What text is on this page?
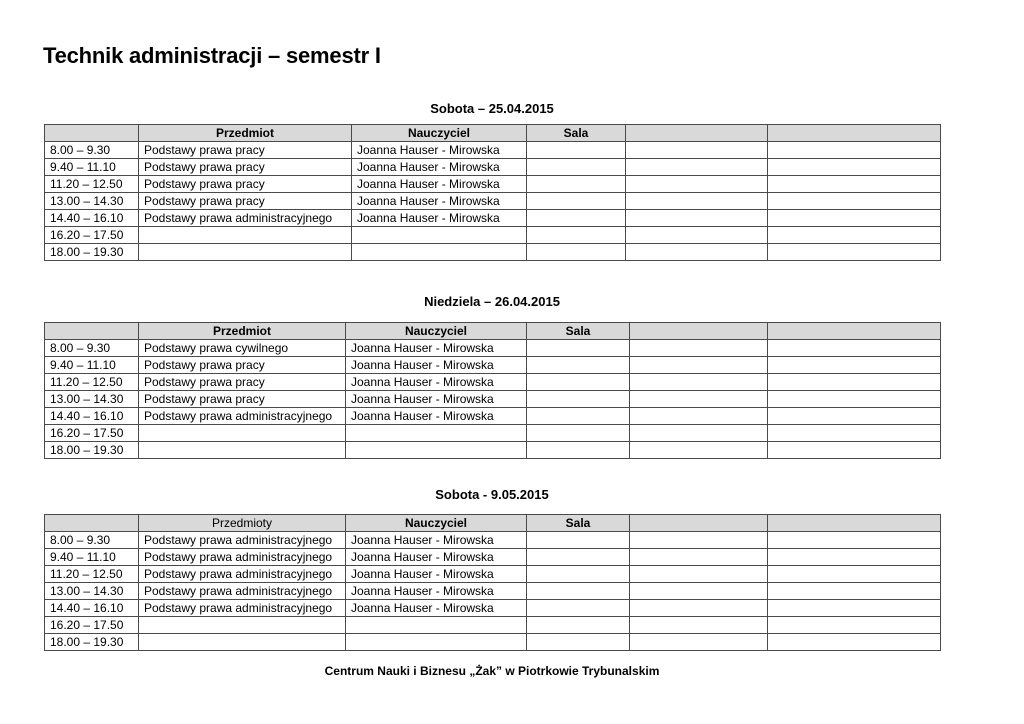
Technik administracji – semestr I
Sobota – 25.04.2015
	Przedmiot	Nauczyciel	Sala			
8.00 – 9.30	Podstawy prawa pracy	Joanna Hauser - Mirowska				
9.40 – 11.10	Podstawy prawa pracy	Joanna Hauser - Mirowska				
11.20 – 12.50	Podstawy prawa pracy	Joanna Hauser - Mirowska				
13.00 – 14.30	Podstawy prawa pracy	Joanna Hauser - Mirowska				
14.40 – 16.10	Podstawy prawa administracyjnego	Joanna Hauser - Mirowska				
16.20 – 17.50						
18.00 – 19.30						
Niedziela – 26.04.2015
	Przedmiot	Nauczyciel	Sala			
8.00 – 9.30	Podstawy prawa cywilnego	Joanna Hauser - Mirowska				
9.40 – 11.10	Podstawy prawa pracy	Joanna Hauser - Mirowska				
11.20 – 12.50	Podstawy prawa pracy	Joanna Hauser - Mirowska				
13.00 – 14.30	Podstawy prawa pracy	Joanna Hauser - Mirowska				
14.40 – 16.10	Podstawy prawa administracyjnego	Joanna Hauser - Mirowska				
16.20 – 17.50						
18.00 – 19.30						
Sobota - 9.05.2015
	Przedmioty	Nauczyciel	Sala			
8.00 – 9.30	Podstawy prawa administracyjnego	Joanna Hauser - Mirowska				
9.40 – 11.10	Podstawy prawa administracyjnego	Joanna Hauser - Mirowska				
11.20 – 12.50	Podstawy prawa administracyjnego	Joanna Hauser - Mirowska				
13.00 – 14.30	Podstawy prawa administracyjnego	Joanna Hauser - Mirowska				
14.40 – 16.10	Podstawy prawa administracyjnego	Joanna Hauser - Mirowska				
16.20 – 17.50						
18.00 – 19.30						
Centrum Nauki i Biznesu „Żak” w Piotrkowie Trybunalskim
